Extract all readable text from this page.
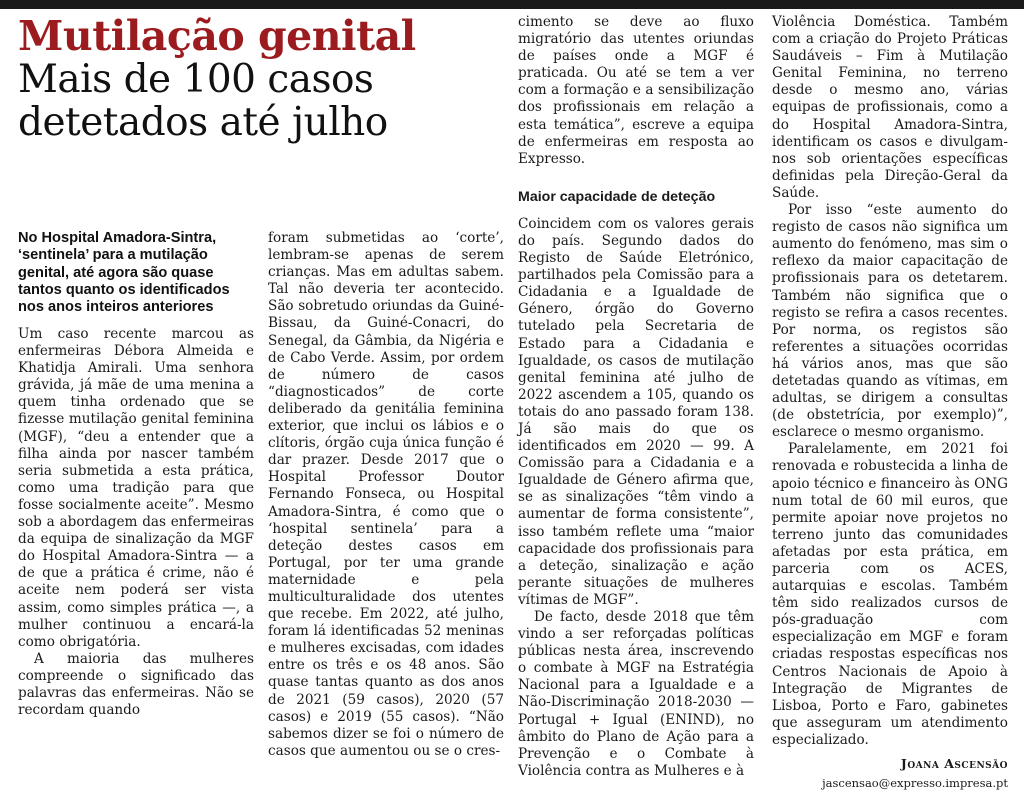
Mutilação genital
Mais de 100 casos
detetados até julho
No Hospital Amadora-Sintra, ‘sentinela’ para a mutilação genital, até agora são quase tantos quanto os identificados nos anos inteiros anteriores

Um caso recente marcou as enfermeiras Débora Almeida e Khatidja Amirali. Uma senhora grávida, já mãe de uma menina a quem tinha ordenado que se fizesse mutilação genital feminina (MGF), “deu a entender que a filha ainda por nascer também seria submetida a esta prática, como uma tradição para que fosse socialmente aceite”. Mesmo sob a abordagem das enfermeiras da equipa de sinalização da MGF do Hospital Amadora-Sintra — a de que a prática é crime, não é aceite nem poderá ser vista assim, como simples prática —, a mulher continuou a encará-la como obrigatória.

A maioria das mulheres compreende o significado das palavras das enfermeiras. Não se recordam quando

foram submetidas ao ‘corte’, lembram-se apenas de serem crianças. Mas em adultas sabem. Tal não deveria ter acontecido. São sobretudo oriundas da Guiné-Bissau, da Guiné-Conacri, do Senegal, da Gâmbia, da Nigéria e de Cabo Verde. Assim, por ordem de número de casos “diagnosticados” de corte deliberado da genitália feminina exterior, que inclui os lábios e o clítoris, órgão cuja única função é dar prazer. Desde 2017 que o Hospital Professor Doutor Fernando Fonseca, ou Hospital Amadora-Sintra, é como que o ‘hospital sentinela’ para a deteção destes casos em Portugal, por ter uma grande maternidade e pela multiculturalidade dos utentes que recebe. Em 2022, até julho, foram lá identificadas 52 meninas e mulheres excisadas, com idades entre os três e os 48 anos. São quase tantas quanto as dos anos de 2021 (59 casos), 2020 (57 casos) e 2019 (55 casos). “Não sabemos dizer se foi o número de casos que aumentou ou se o cres-

cimento se deve ao fluxo migratório das utentes oriundas de países onde a MGF é praticada. Ou até se tem a ver com a formação e a sensibilização dos profissionais em relação a esta temática”, escreve a equipa de enfermeiras em resposta ao Expresso.

Maior capacidade de deteção

Coincidem com os valores gerais do país. Segundo dados do Registo de Saúde Eletrónico, partilhados pela Comissão para a Cidadania e a Igualdade de Género, órgão do Governo tutelado pela Secretaria de Estado para a Cidadania e Igualdade, os casos de mutilação genital feminina até julho de 2022 ascendem a 105, quando os totais do ano passado foram 138. Já são mais do que os identificados em 2020 — 99. A Comissão para a Cidadania e a Igualdade de Género afirma que, se as sinalizações “têm vindo a aumentar de forma consistente”, isso também reflete uma “maior capacidade dos profissionais para a deteção, sinalização e ação perante situações de mulheres vítimas de MGF”.

De facto, desde 2018 que têm vindo a ser reforçadas políticas públicas nesta área, inscrevendo o combate à MGF na Estratégia Nacional para a Igualdade e a Não-Discriminação 2018-2030 — Portugal + Igual (ENIND), no âmbito do Plano de Ação para a Prevenção e o Combate à Violência contra as Mulheres e à

Violência Doméstica. Também com a criação do Projeto Práticas Saudáveis – Fim à Mutilação Genital Feminina, no terreno desde o mesmo ano, várias equipas de profissionais, como a do Hospital Amadora-Sintra, identificam os casos e divulgam-nos sob orientações específicas definidas pela Direção-Geral da Saúde.

Por isso “este aumento do registo de casos não significa um aumento do fenómeno, mas sim o reflexo da maior capacitação de profissionais para os detetarem. Também não significa que o registo se refira a casos recentes. Por norma, os registos são referentes a situações ocorridas há vários anos, mas que são detetadas quando as vítimas, em adultas, se dirigem a consultas (de obstetrícia, por exemplo)”, esclarece o mesmo organismo.

Paralelamente, em 2021 foi renovada e robustecida a linha de apoio técnico e financeiro às ONG num total de 60 mil euros, que permite apoiar nove projetos no terreno junto das comunidades afetadas por esta prática, em parceria com os ACES, autarquias e escolas. Também têm sido realizados cursos de pós-graduação com especialização em MGF e foram criadas respostas específicas nos Centros Nacionais de Apoio à Integração de Migrantes de Lisboa, Porto e Faro, gabinetes que asseguram um atendimento especializado.

Joana Ascensão
jascensao@expresso.impresa.pt
